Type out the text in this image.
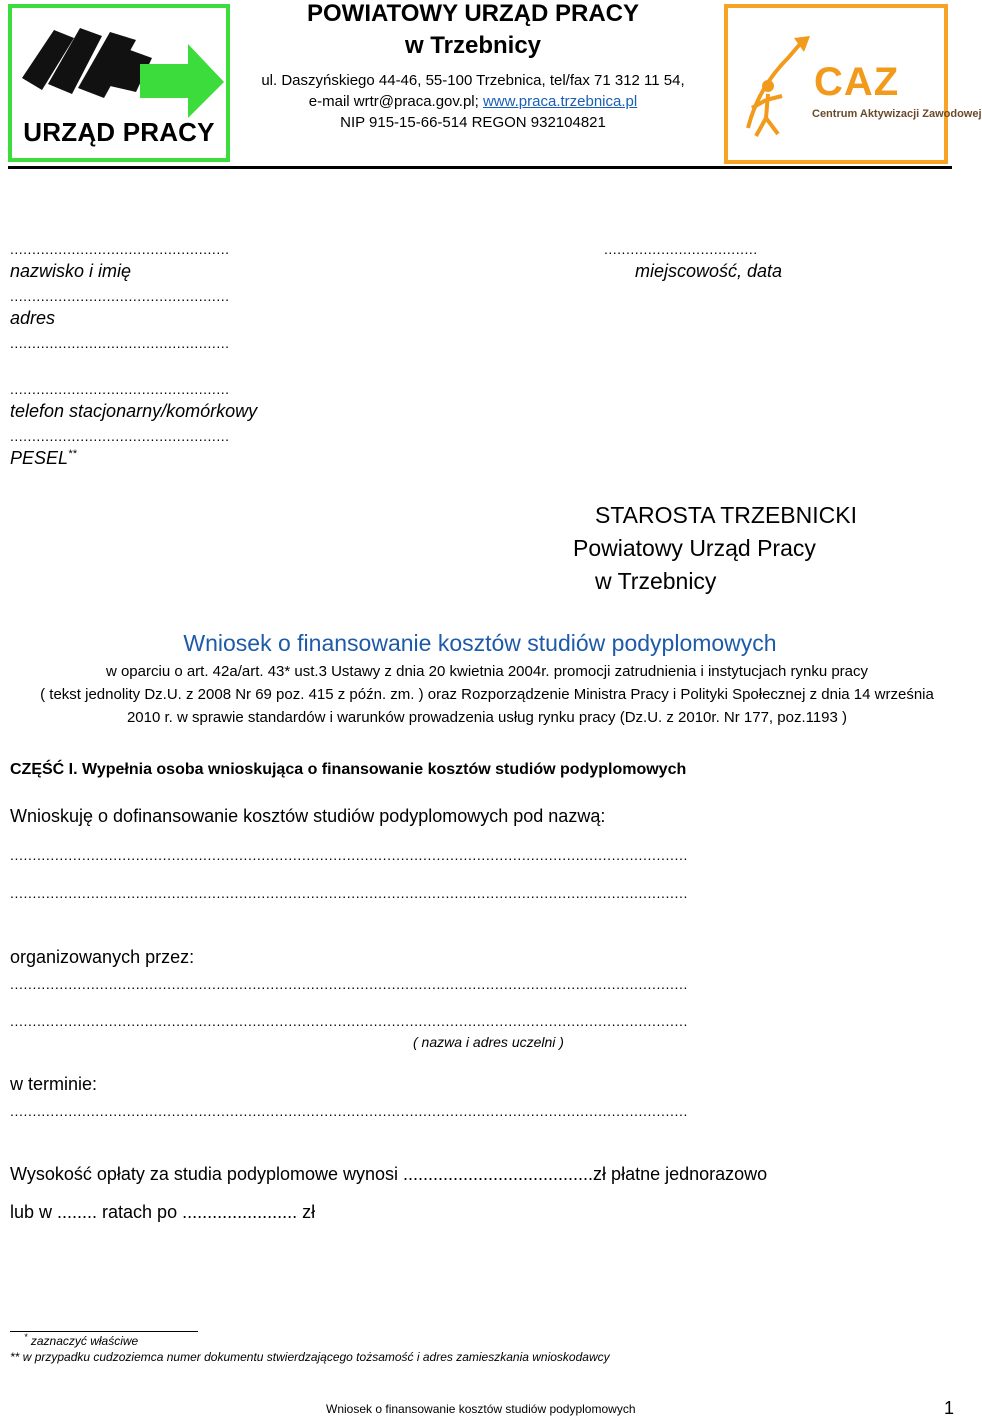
URZĄD PRACY
POWIATOWY URZĄD PRACY
w Trzebnicy
ul. Daszyńskiego 44-46, 55-100 Trzebnica, tel/fax 71 312 11 54,
e-mail wrtr@praca.gov.pl; www.praca.trzebnica.pl
NIP 915-15-66-514 REGON 932104821
CAZ
Centrum Aktywizacji Zawodowej
..................................................
nazwisko i imię
..................................................
adres
..................................................
..................................................
telefon stacjonarny/komórkowy
..................................................
PESEL**
...................................
miejscowość, data
STAROSTA TRZEBNICKI
Powiatowy Urząd Pracy
w Trzebnicy
Wniosek o finansowanie kosztów studiów podyplomowych
w oparciu o art. 42a/art. 43* ust.3 Ustawy z dnia 20 kwietnia 2004r. promocji zatrudnienia i instytucjach rynku pracy
( tekst jednolity Dz.U. z 2008 Nr 69 poz. 415 z późn. zm. ) oraz Rozporządzenie Ministra Pracy i Polityki Społecznej z dnia 14 września
2010 r. w sprawie standardów i warunków prowadzenia usług rynku pracy (Dz.U. z 2010r. Nr 177, poz.1193 )
CZĘŚĆ I. Wypełnia osoba wnioskująca o finansowanie kosztów studiów podyplomowych
Wnioskuję o dofinansowanie kosztów studiów podyplomowych pod nazwą:
.......................................................................................................................................................
.......................................................................................................................................................
organizowanych przez:
.......................................................................................................................................................
.......................................................................................................................................................
( nazwa i adres uczelni )
w terminie:
.......................................................................................................................................................
Wysokość opłaty za studia podyplomowe wynosi ......................................zł płatne jednorazowo
lub w ........ ratach po ....................... zł
* zaznaczyć właściwe
** w przypadku cudzoziemca numer dokumentu stwierdzającego tożsamość i adres zamieszkania wnioskodawcy
Wniosek o finansowanie kosztów studiów podyplomowych	1
